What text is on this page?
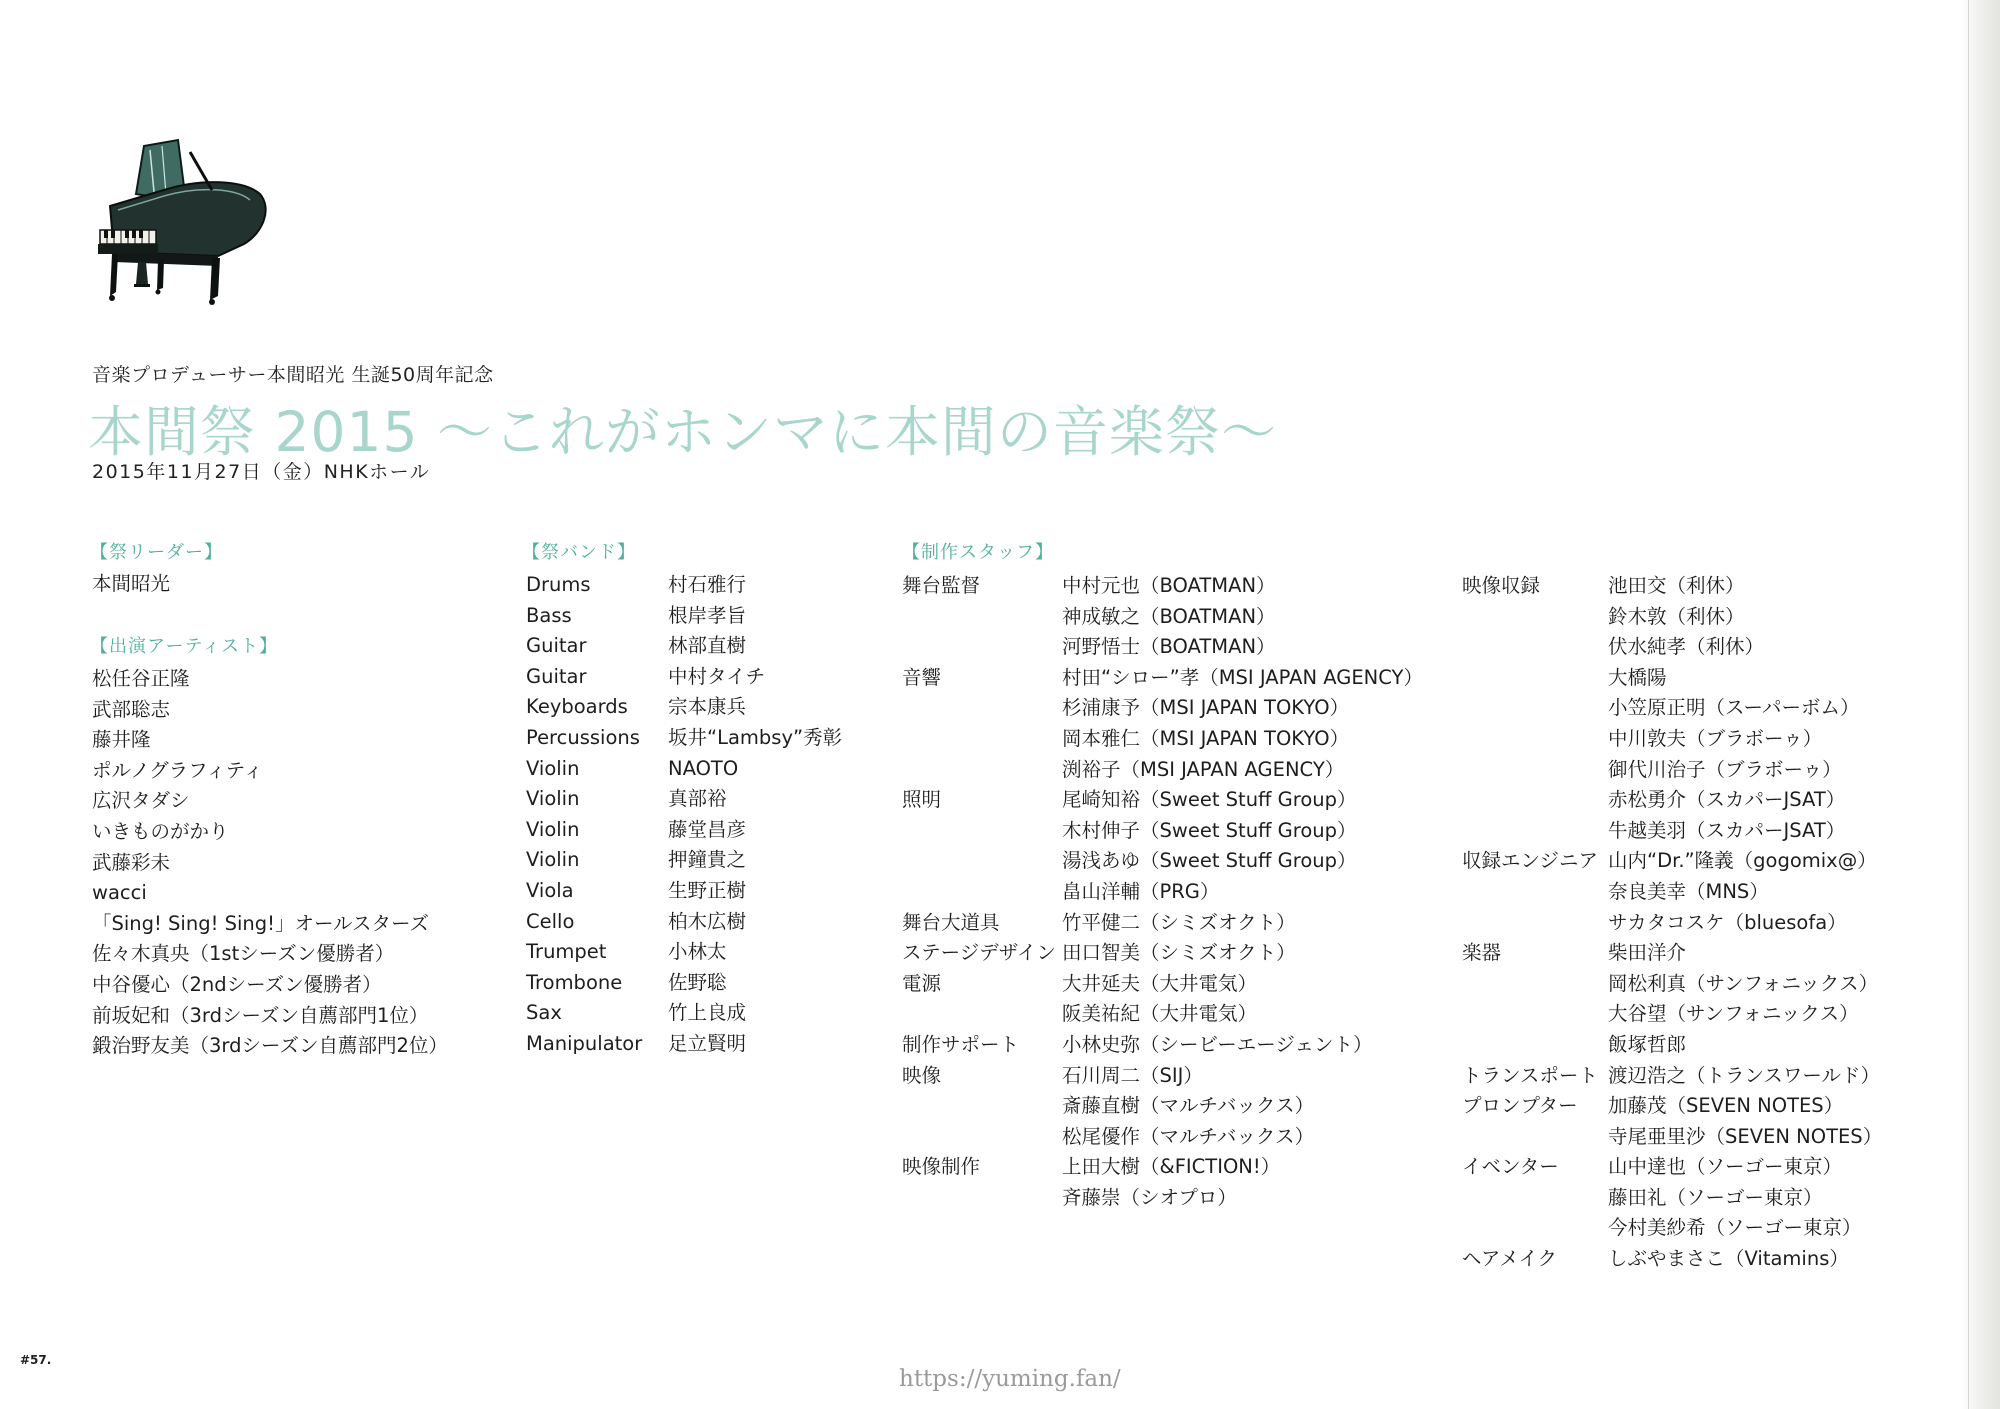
音楽プロデューサー本間昭光 生誕50周年記念
本間祭 2015 ～これがホンマに本間の音楽祭～
2015年11月27日（金）NHKホール
【祭リーダー】
本間昭光
【出演アーティスト】
松任谷正隆
武部聡志
藤井隆
ポルノグラフィティ
広沢タダシ
いきものがかり
武藤彩未
wacci
「Sing! Sing! Sing!」オールスターズ
佐々木真央（1stシーズン優勝者）
中谷優心（2ndシーズン優勝者）
前坂妃和（3rdシーズン自薦部門1位）
鍛治野友美（3rdシーズン自薦部門2位）
【祭バンド】
Drums	村石雅行
Bass	根岸孝旨
Guitar	林部直樹
Guitar	中村タイチ
Keyboards 宗本康兵
Percussions 坂井“Lambsy”秀彰
Violin	NAOTO
Violin	真部裕
Violin	藤堂昌彦
Violin	押鐘貴之
Viola	生野正樹
Cello	柏木広樹
Trumpet	小林太
Trombone 佐野聡
Sax	竹上良成
Manipulator 足立賢明
【制作スタッフ】
舞台監督	中村元也（BOATMAN）
神成敏之（BOATMAN）
河野悟士（BOATMAN）
音響	村田“シロー”孝（MSI JAPAN AGENCY）
杉浦康予（MSI JAPAN TOKYO）
岡本雅仁（MSI JAPAN TOKYO）
渕裕子（MSI JAPAN AGENCY）
照明	尾崎知裕（Sweet Stuff Group）
木村伸子（Sweet Stuff Group）
湯浅あゆ（Sweet Stuff Group）
畠山洋輔（PRG）
舞台大道具	竹平健二（シミズオクト）
ステージデザイン 田口智美（シミズオクト）
電源	大井延夫（大井電気）
阪美祐紀（大井電気）
制作サポート 小林史弥（シービーエージェント）
映像	石川周二（SIJ）
斎藤直樹（マルチバックス）
松尾優作（マルチバックス）
映像制作	上田大樹（&FICTION!）
斉藤崇（シオプロ）
映像収録	池田交（利休）
鈴木敦（利休）
伏水純孝（利休）
大橋陽
小笠原正明（スーパーボム）
中川敦夫（ブラボーゥ）
御代川治子（ブラボーゥ）
赤松勇介（スカパーJSAT）
牛越美羽（スカパーJSAT）
収録エンジニア 山内“Dr.”隆義（gogomix@）
奈良美幸（MNS）
サカタコスケ（bluesofa）
楽器	柴田洋介
岡松利真（サンフォニックス）
大谷望（サンフォニックス）
飯塚哲郎
トランスポート 渡辺浩之（トランスワールド）
プロンプター 加藤茂（SEVEN NOTES）
寺尾亜里沙（SEVEN NOTES）
イベンター	山中達也（ソーゴー東京）
藤田礼（ソーゴー東京）
今村美紗希（ソーゴー東京）
ヘアメイク	しぶやまさこ（Vitamins）
#57.
https://yuming.fan/
